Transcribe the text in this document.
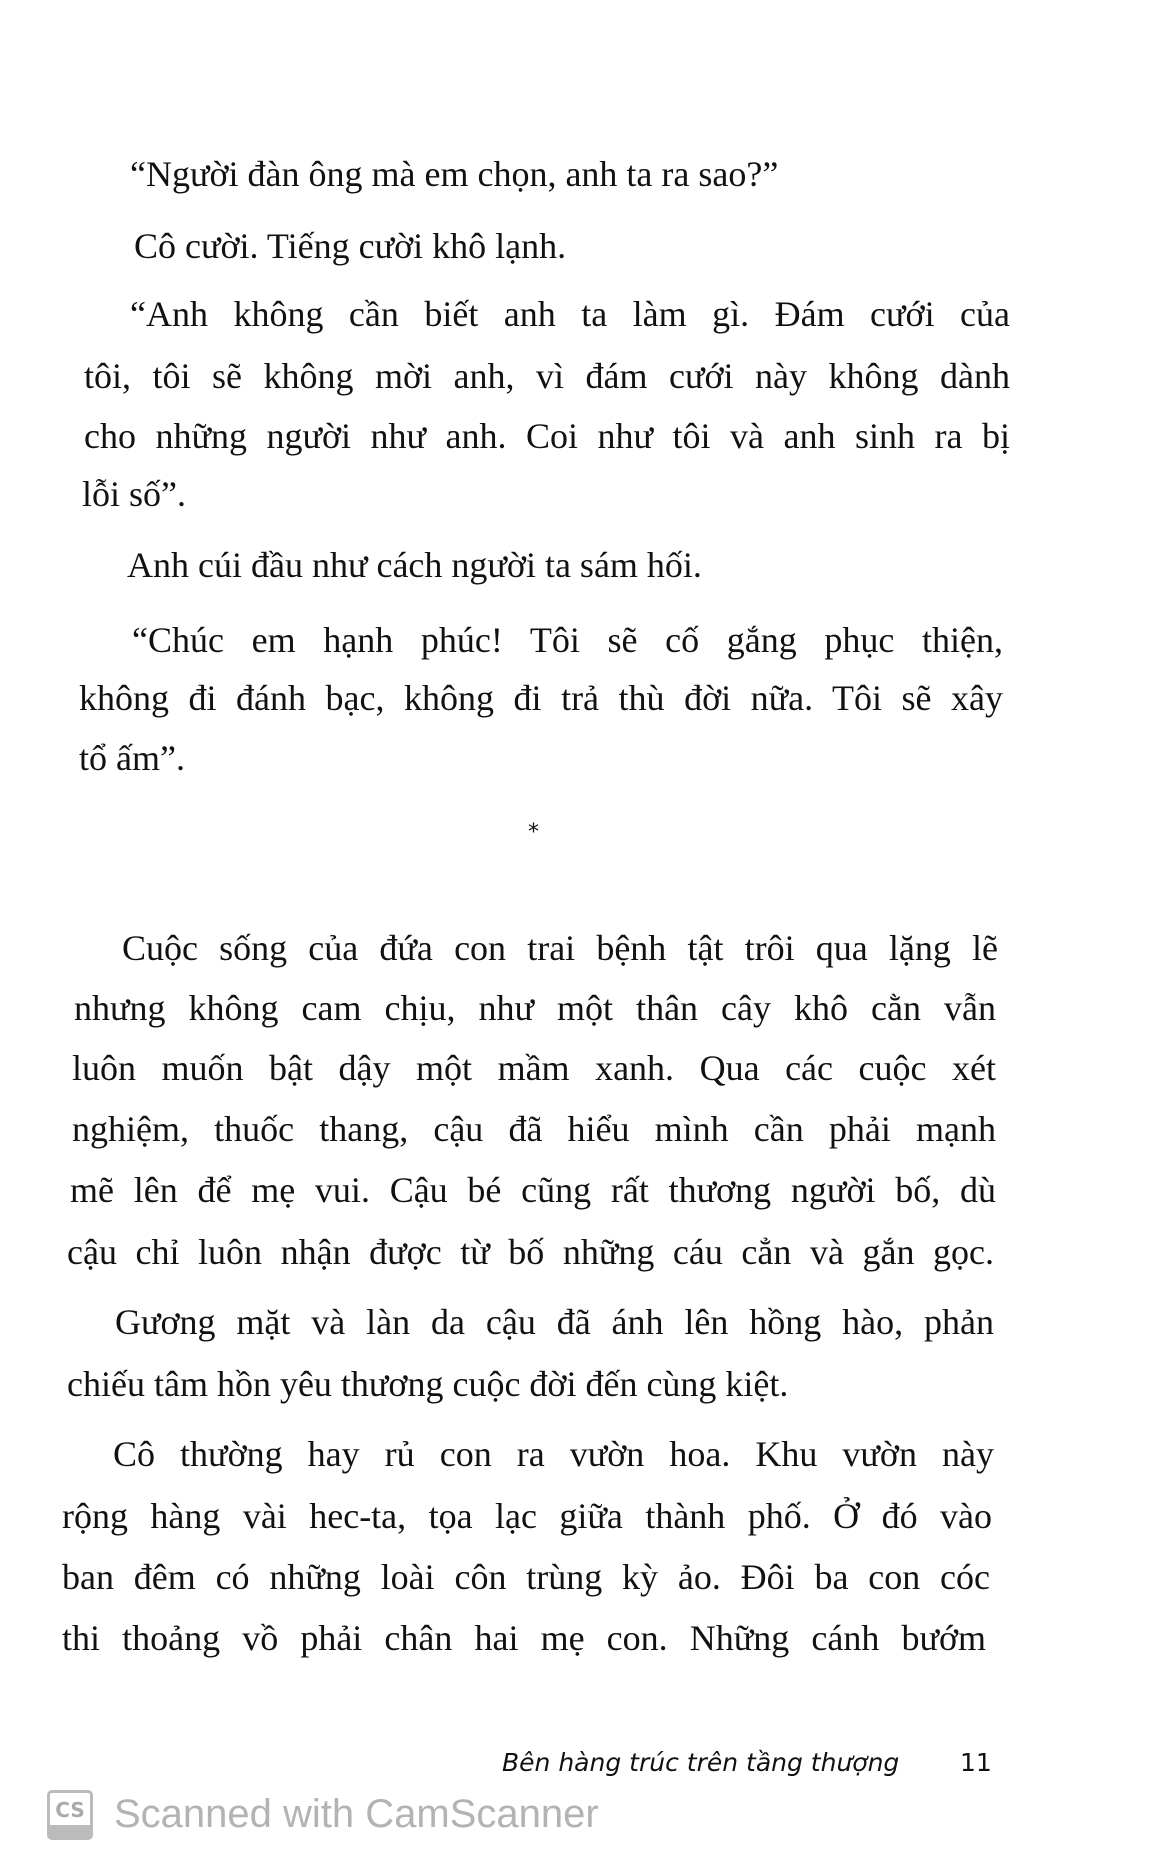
“Người đàn ông mà em chọn, anh ta ra sao?”
Cô cười. Tiếng cười khô lạnh.
“Anh không cần biết anh ta làm gì. Đám cưới của
tôi, tôi sẽ không mời anh, vì đám cưới này không dành
cho những người như anh. Coi như tôi và anh sinh ra bị
lỗi số”.
Anh cúi đầu như cách người ta sám hối.
“Chúc em hạnh phúc! Tôi sẽ cố gắng phục thiện,
không đi đánh bạc, không đi trả thù đời nữa. Tôi sẽ xây
tổ ấm”.
*
Cuộc sống của đứa con trai bệnh tật trôi qua lặng lẽ
nhưng không cam chịu, như một thân cây khô cằn vẫn
luôn muốn bật dậy một mầm xanh. Qua các cuộc xét
nghiệm, thuốc thang, cậu đã hiểu mình cần phải mạnh
mẽ lên để mẹ vui. Cậu bé cũng rất thương người bố, dù
cậu chỉ luôn nhận được từ bố những cáu cẳn và gắn gọc.
Gương mặt và làn da cậu đã ánh lên hồng hào, phản
chiếu tâm hồn yêu thương cuộc đời đến cùng kiệt.
Cô thường hay rủ con ra vườn hoa. Khu vườn này
rộng hàng vài hec-ta, tọa lạc giữa thành phố. Ở đó vào
ban đêm có những loài côn trùng kỳ ảo. Đôi ba con cóc
thi thoảng vồ phải chân hai mẹ con. Những cánh bướm
Bên hàng trúc trên tầng thượng 11
CS Scanned with CamScanner
